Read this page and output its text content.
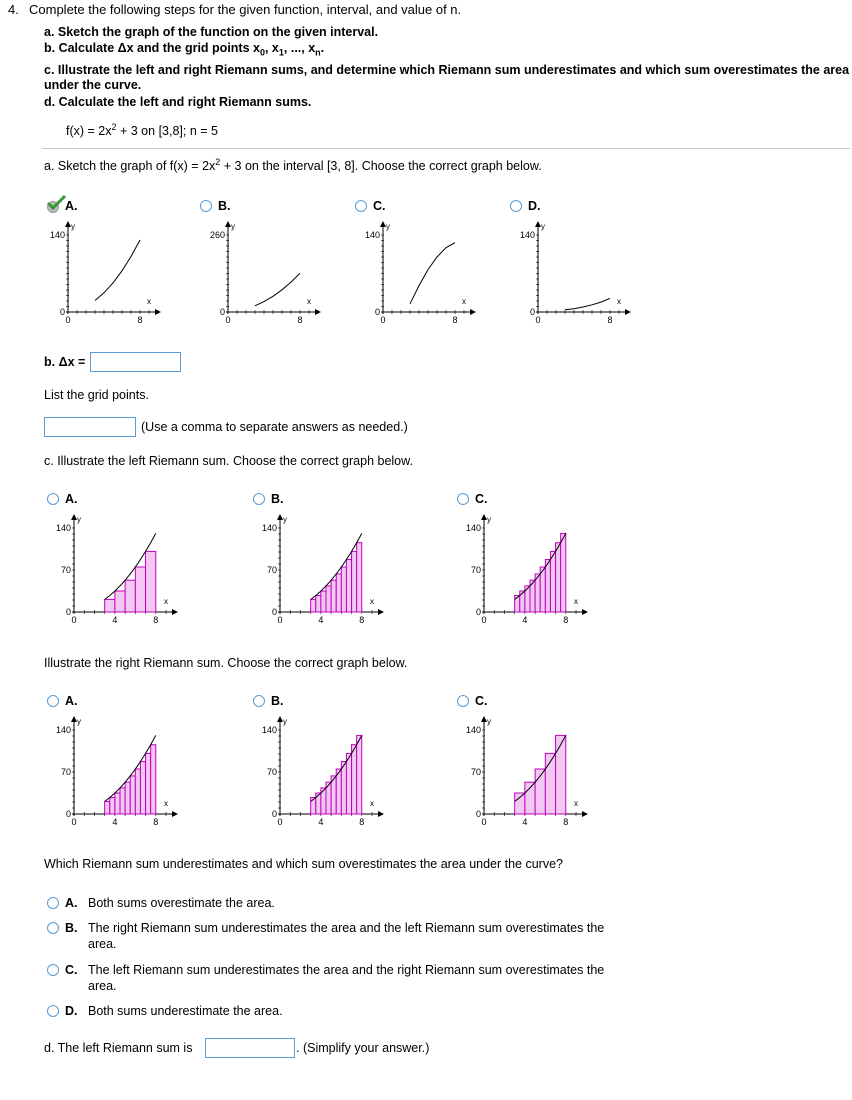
4. Complete the following steps for the given function, interval, and value of n.
a. Sketch the graph of the function on the given interval.
b. Calculate Δx and the grid points $x_0$, $x_1$, ..., $x_n$.
c. Illustrate the left and right Riemann sums, and determine which Riemann sum underestimates and which sum overestimates the area
under the curve.
d. Calculate the left and right Riemann sums.
$f(x) = 2x^2 + 3$ on [3,8]; n = 5
a. Sketch the graph of $f(x) = 2x^2 + 3$ on the interval [3, 8]. Choose the correct graph below.
A.	B.	C.	D.
y
x
140
0
0	8
y
x
260
0
0	8
y
x
140
0
0	8
y
x
140
0
0	8
b. Δx =
List the grid points.
(Use a comma to separate answers as needed.)
c. Illustrate the left Riemann sum. Choose the correct graph below.
A.	B.	C.
y
x
140
70
0
0	4	8
y
x
140
70
0
0	4	8
y
x
140
70
0
0	4	8
Illustrate the right Riemann sum. Choose the correct graph below.
A.	B.	C.
y
x
140
70
0
0	4	8
y
x
140
70
0
0	4	8
y
x
140
70
0
0	4	8
Which Riemann sum underestimates and which sum overestimates the area under the curve?
A. Both sums overestimate the area.
B. The right Riemann sum underestimates the area and the left Riemann sum overestimates the
area.
C. The left Riemann sum underestimates the area and the right Riemann sum overestimates the
area.
D. Both sums underestimate the area.
d. The left Riemann sum is	. (Simplify your answer.)
